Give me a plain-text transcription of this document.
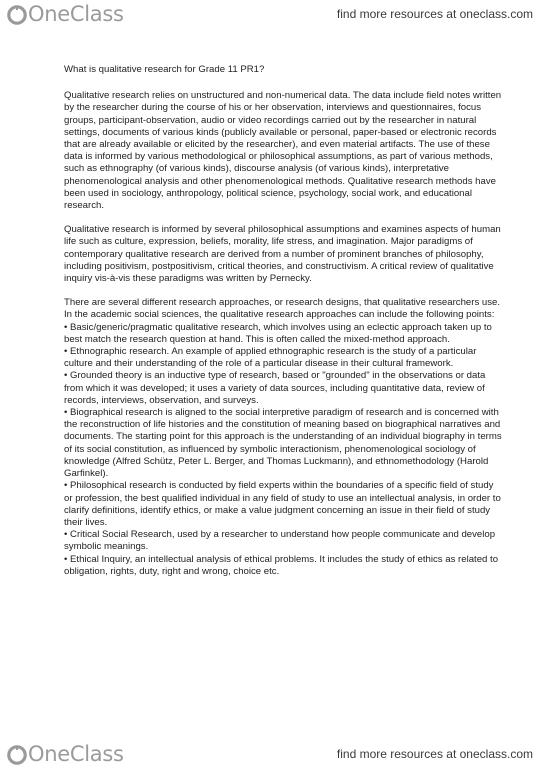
OneClass	find more resources at oneclass.com

What is qualitative research for Grade 11 PR1?

Qualitative research relies on unstructured and non-numerical data. The data include field notes written by the researcher during the course of his or her observation, interviews and questionnaires, focus groups, participant-observation, audio or video recordings carried out by the researcher in natural settings, documents of various kinds (publicly available or personal, paper-based or electronic records that are already available or elicited by the researcher), and even material artifacts. The use of these data is informed by various methodological or philosophical assumptions, as part of various methods, such as ethnography (of various kinds), discourse analysis (of various kinds), interpretative phenomenological analysis and other phenomenological methods. Qualitative research methods have been used in sociology, anthropology, political science, psychology, social work, and educational research.

Qualitative research is informed by several philosophical assumptions and examines aspects of human life such as culture, expression, beliefs, morality, life stress, and imagination. Major paradigms of contemporary qualitative research are derived from a number of prominent branches of philosophy, including positivism, postpositivism, critical theories, and constructivism. A critical review of qualitative inquiry vis-à-vis these paradigms was written by Pernecky.

There are several different research approaches, or research designs, that qualitative researchers use. In the academic social sciences, the qualitative research approaches can include the following points:

• Basic/generic/pragmatic qualitative research, which involves using an eclectic approach taken up to best match the research question at hand. This is often called the mixed-method approach.

• Ethnographic research. An example of applied ethnographic research is the study of a particular culture and their understanding of the role of a particular disease in their cultural framework.

• Grounded theory is an inductive type of research, based or "grounded" in the observations or data from which it was developed; it uses a variety of data sources, including quantitative data, review of records, interviews, observation, and surveys.

• Biographical research is aligned to the social interpretive paradigm of research and is concerned with the reconstruction of life histories and the constitution of meaning based on biographical narratives and documents. The starting point for this approach is the understanding of an individual biography in terms of its social constitution, as influenced by symbolic interactionism, phenomenological sociology of knowledge (Alfred Schütz, Peter L. Berger, and Thomas Luckmann), and ethnomethodology (Harold Garfinkel).

• Philosophical research is conducted by field experts within the boundaries of a specific field of study or profession, the best qualified individual in any field of study to use an intellectual analysis, in order to clarify definitions, identify ethics, or make a value judgment concerning an issue in their field of study their lives.

• Critical Social Research, used by a researcher to understand how people communicate and develop symbolic meanings.

• Ethical Inquiry, an intellectual analysis of ethical problems. It includes the study of ethics as related to obligation, rights, duty, right and wrong, choice etc.

OneClass	find more resources at oneclass.com
